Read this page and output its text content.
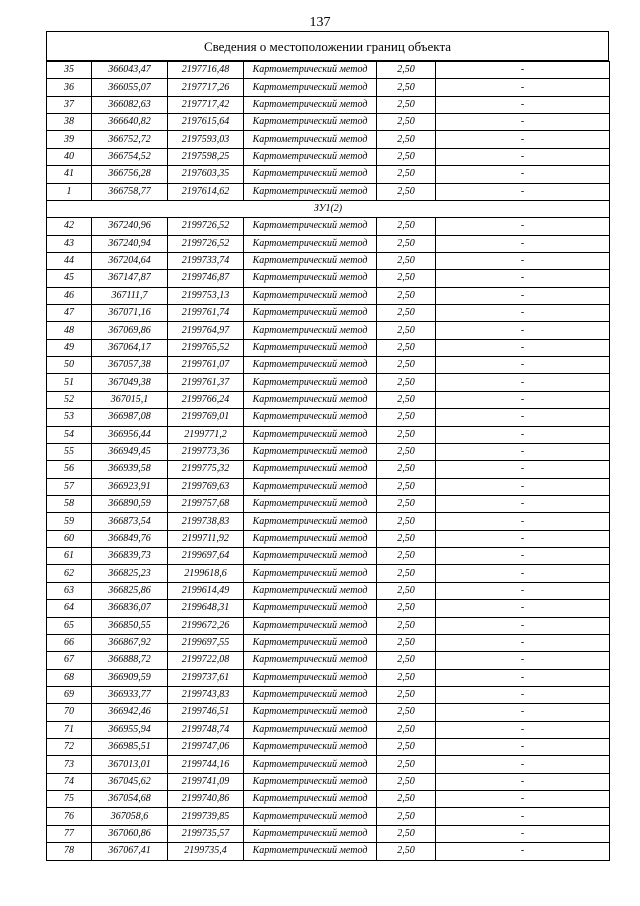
137
Сведения о местоположении границ объекта
35	366043,47	2197716,48	Картометрический метод	2,50	-
36	366055,07	2197717,26	Картометрический метод	2,50	-
37	366082,63	2197717,42	Картометрический метод	2,50	-
38	366640,82	2197615,64	Картометрический метод	2,50	-
39	366752,72	2197593,03	Картометрический метод	2,50	-
40	366754,52	2197598,25	Картометрический метод	2,50	-
41	366756,28	2197603,35	Картометрический метод	2,50	-
1	366758,77	2197614,62	Картометрический метод	2,50	-
ЗУ1(2)					
42	367240,96	2199726,52	Картометрический метод	2,50	-
43	367240,94	2199726,52	Картометрический метод	2,50	-
44	367204,64	2199733,74	Картометрический метод	2,50	-
45	367147,87	2199746,87	Картометрический метод	2,50	-
46	367111,7	2199753,13	Картометрический метод	2,50	-
47	367071,16	2199761,74	Картометрический метод	2,50	-
48	367069,86	2199764,97	Картометрический метод	2,50	-
49	367064,17	2199765,52	Картометрический метод	2,50	-
50	367057,38	2199761,07	Картометрический метод	2,50	-
51	367049,38	2199761,37	Картометрический метод	2,50	-
52	367015,1	2199766,24	Картометрический метод	2,50	-
53	366987,08	2199769,01	Картометрический метод	2,50	-
54	366956,44	2199771,2	Картометрический метод	2,50	-
55	366949,45	2199773,36	Картометрический метод	2,50	-
56	366939,58	2199775,32	Картометрический метод	2,50	-
57	366923,91	2199769,63	Картометрический метод	2,50	-
58	366890,59	2199757,68	Картометрический метод	2,50	-
59	366873,54	2199738,83	Картометрический метод	2,50	-
60	366849,76	2199711,92	Картометрический метод	2,50	-
61	366839,73	2199697,64	Картометрический метод	2,50	-
62	366825,23	2199618,6	Картометрический метод	2,50	-
63	366825,86	2199614,49	Картометрический метод	2,50	-
64	366836,07	2199648,31	Картометрический метод	2,50	-
65	366850,55	2199672,26	Картометрический метод	2,50	-
66	366867,92	2199697,55	Картометрический метод	2,50	-
67	366888,72	2199722,08	Картометрический метод	2,50	-
68	366909,59	2199737,61	Картометрический метод	2,50	-
69	366933,77	2199743,83	Картометрический метод	2,50	-
70	366942,46	2199746,51	Картометрический метод	2,50	-
71	366955,94	2199748,74	Картометрический метод	2,50	-
72	366985,51	2199747,06	Картометрический метод	2,50	-
73	367013,01	2199744,16	Картометрический метод	2,50	-
74	367045,62	2199741,09	Картометрический метод	2,50	-
75	367054,68	2199740,86	Картометрический метод	2,50	-
76	367058,6	2199739,85	Картометрический метод	2,50	-
77	367060,86	2199735,57	Картометрический метод	2,50	-
78	367067,41	2199735,4	Картометрический метод	2,50	-
